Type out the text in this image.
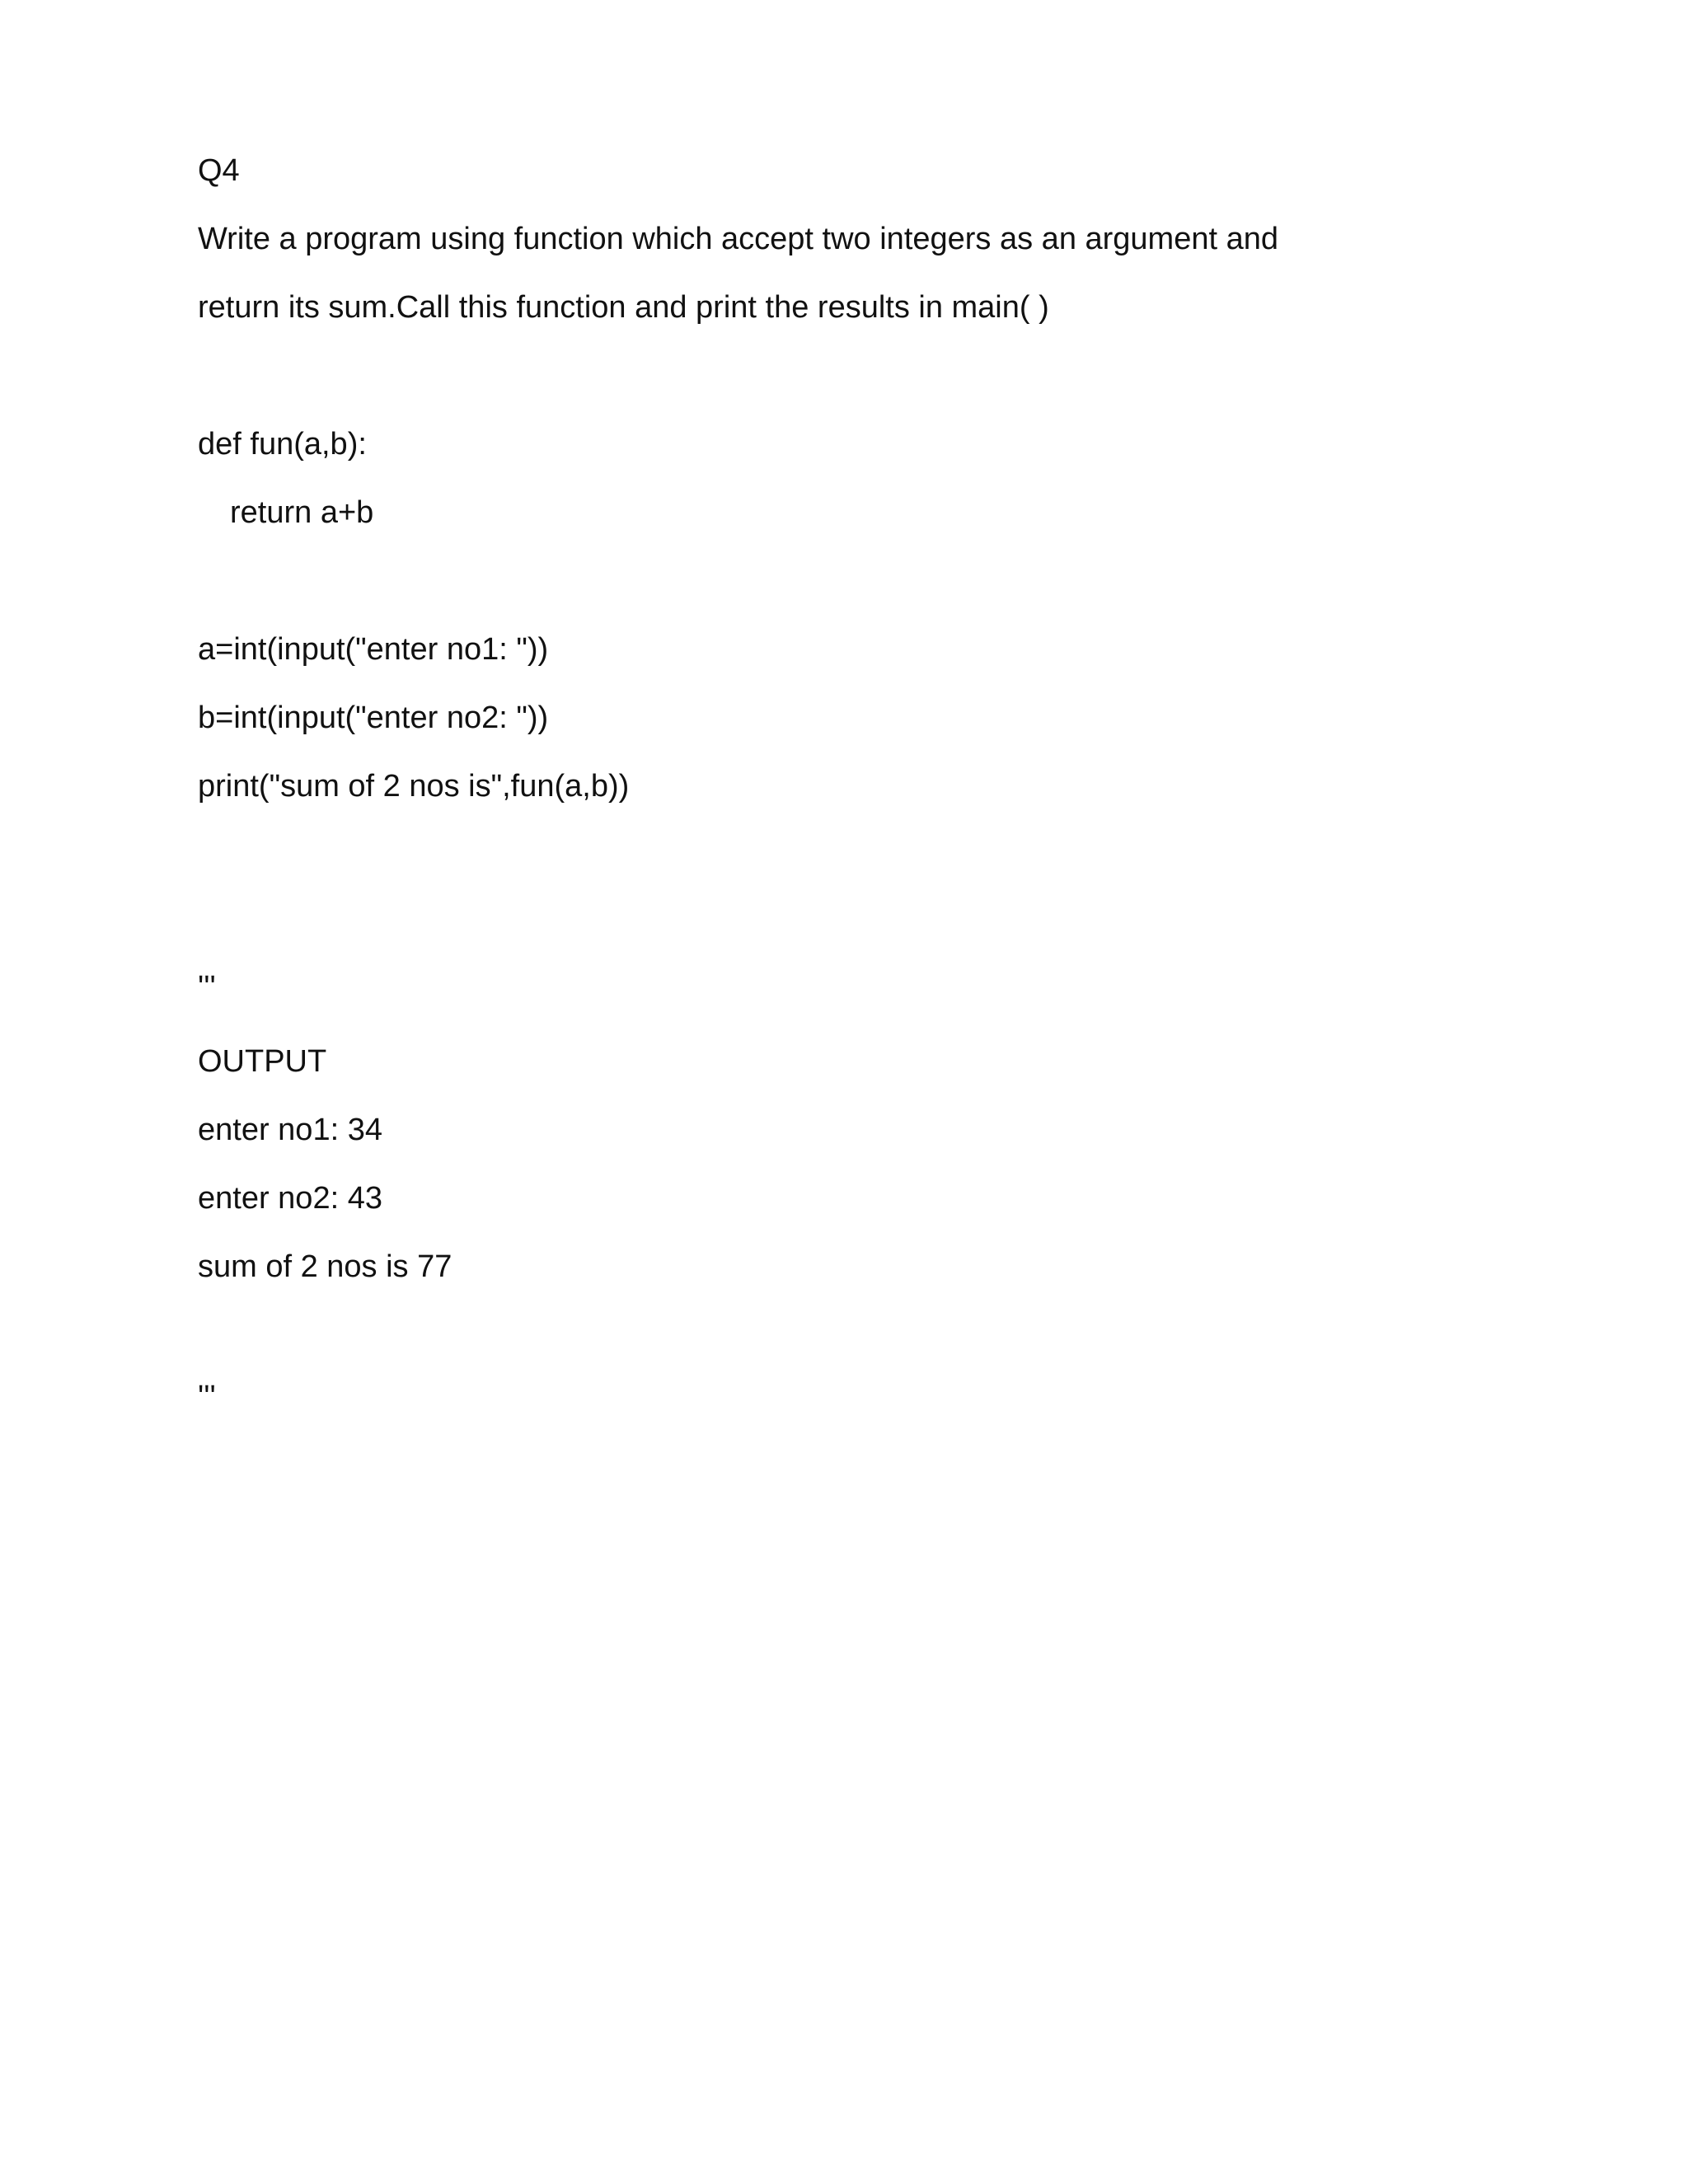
Q4
Write a program using function which accept two integers as an argument and
return its sum.Call this function and print the results in main( )
def fun(a,b):
return a+b
a=int(input("enter no1: "))
b=int(input("enter no2: "))
print("sum of 2 nos is",fun(a,b))
'''
OUTPUT
enter no1: 34
enter no2: 43
sum of 2 nos is 77
'''
